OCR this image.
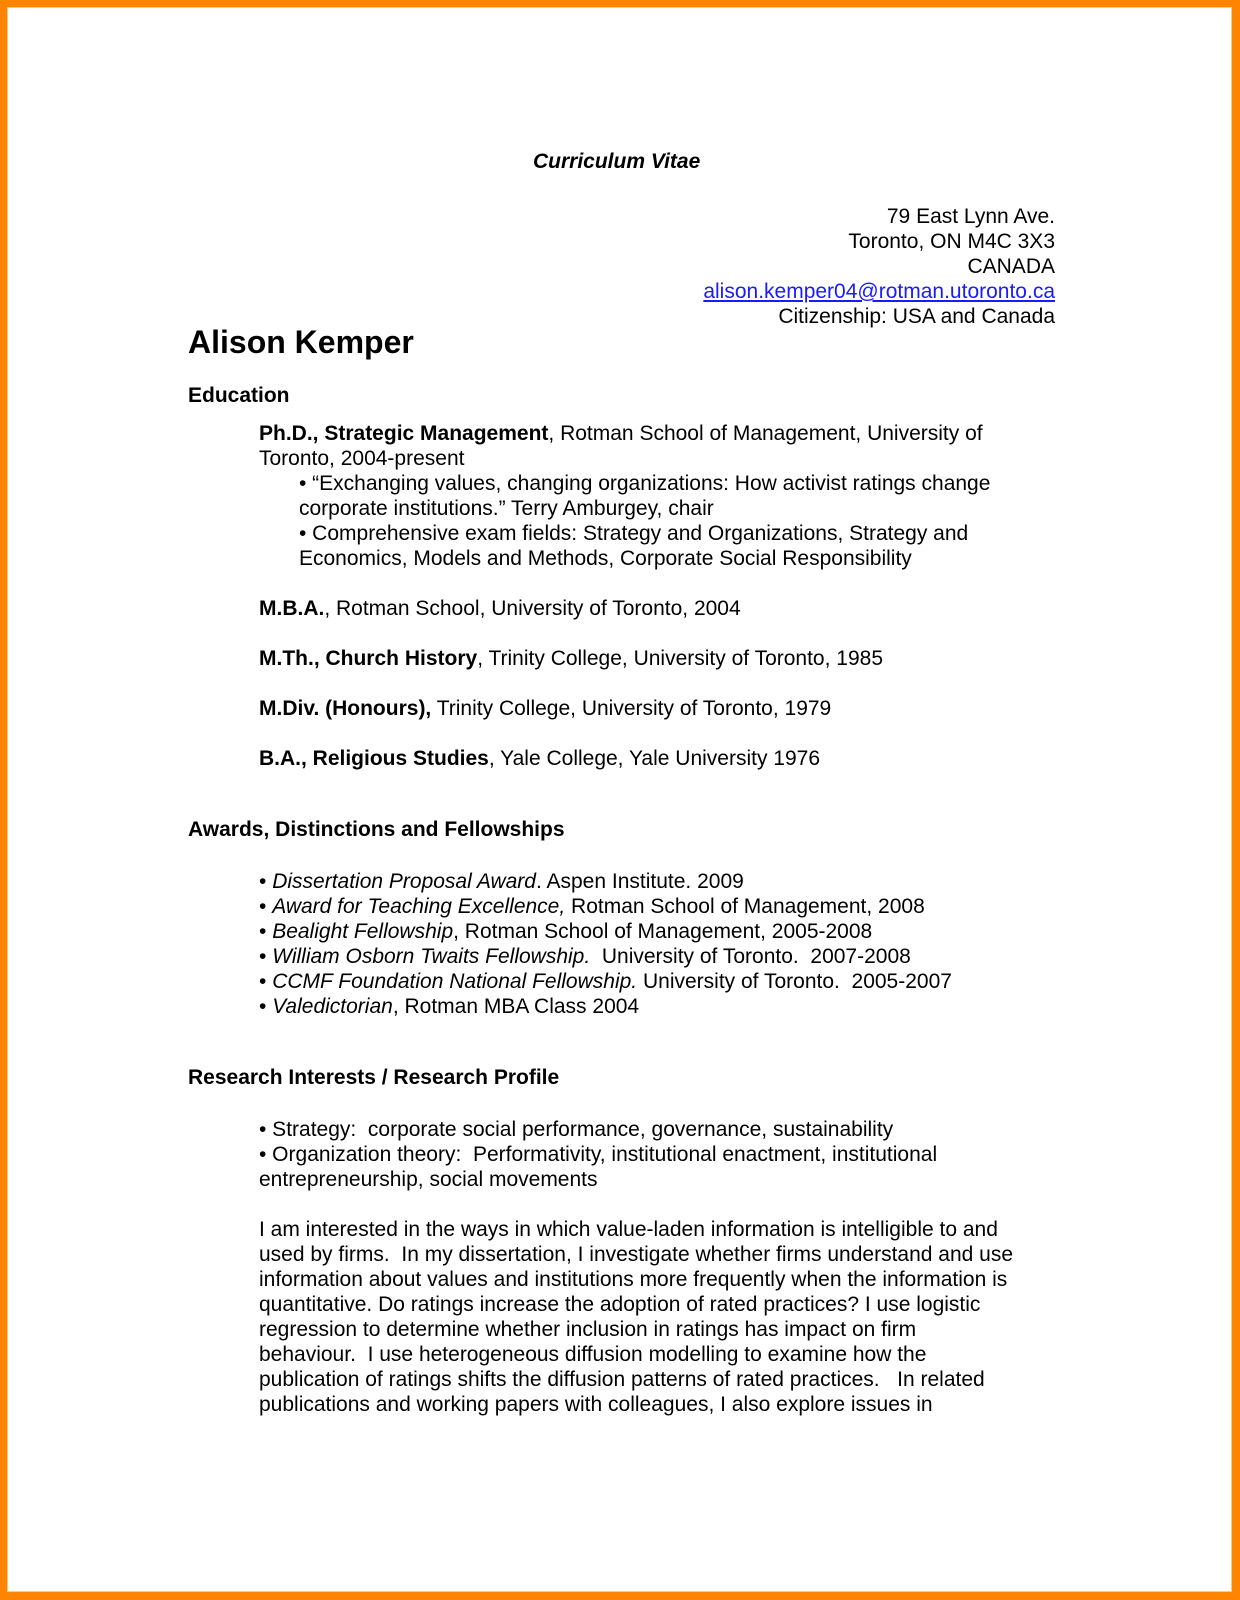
Curriculum Vitae
79 East Lynn Ave.
Toronto, ON M4C 3X3
CANADA
alison.kemper04@rotman.utoronto.ca
Citizenship: USA and Canada
Alison Kemper
Education
Ph.D., Strategic Management, Rotman School of Management, University of
Toronto, 2004-present
• “Exchanging values, changing organizations: How activist ratings change
corporate institutions.” Terry Amburgey, chair
• Comprehensive exam fields: Strategy and Organizations, Strategy and
Economics, Models and Methods, Corporate Social Responsibility
M.B.A., Rotman School, University of Toronto, 2004
M.Th., Church History, Trinity College, University of Toronto, 1985
M.Div. (Honours), Trinity College, University of Toronto, 1979
B.A., Religious Studies, Yale College, Yale University 1976
Awards, Distinctions and Fellowships
• Dissertation Proposal Award. Aspen Institute. 2009
• Award for Teaching Excellence, Rotman School of Management, 2008
• Bealight Fellowship, Rotman School of Management, 2005-2008
• William Osborn Twaits Fellowship.  University of Toronto.  2007-2008
• CCMF Foundation National Fellowship. University of Toronto.  2005-2007
• Valedictorian, Rotman MBA Class 2004
Research Interests / Research Profile
• Strategy:  corporate social performance, governance, sustainability
• Organization theory:  Performativity, institutional enactment, institutional
entrepreneurship, social movements
I am interested in the ways in which value-laden information is intelligible to and
used by firms.  In my dissertation, I investigate whether firms understand and use
information about values and institutions more frequently when the information is
quantitative. Do ratings increase the adoption of rated practices? I use logistic
regression to determine whether inclusion in ratings has impact on firm
behaviour.  I use heterogeneous diffusion modelling to examine how the
publication of ratings shifts the diffusion patterns of rated practices.   In related
publications and working papers with colleagues, I also explore issues in
